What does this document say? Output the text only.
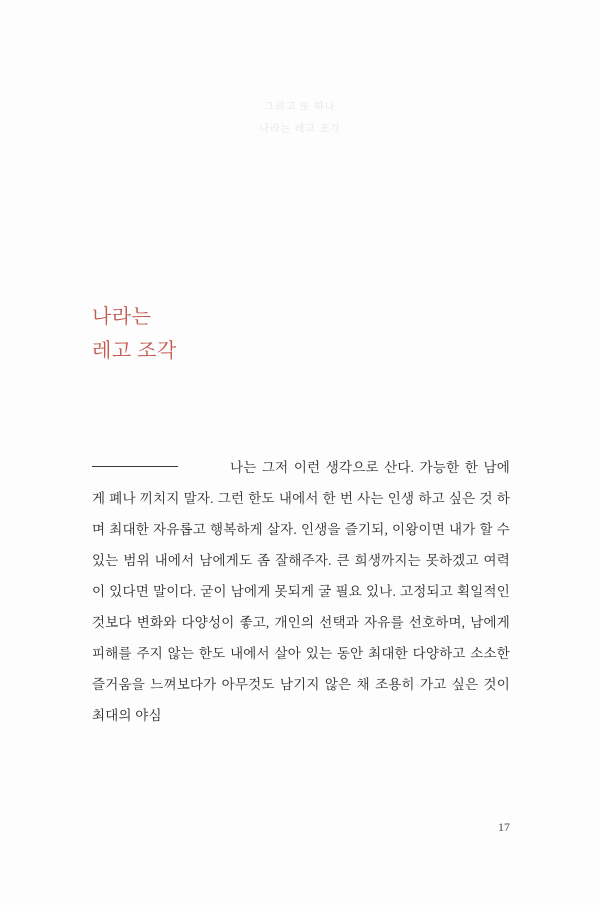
그리고 또 하나
나라는 레고 조각
나라는
레고 조각
나는 그저 이런 생각으로 산다. 가능한 한 남에게 폐나 끼치지 말자. 그런 한도 내에서 한 번 사는 인생 하고 싶은 것 하며 최대한 자유롭고 행복하게 살자. 인생을 즐기되, 이왕이면 내가 할 수 있는 범위 내에서 남에게도 좀 잘해주자. 큰 희생까지는 못하겠고 여력이 있다면 말이다. 굳이 남에게 못되게 굴 필요 있나. 고정되고 획일적인 것보다 변화와 다양성이 좋고, 개인의 선택과 자유를 선호하며, 남에게 피해를 주지 않는 한도 내에서 살아 있는 동안 최대한 다양하고 소소한 즐거움을 느껴보다가 아무것도 남기지 않은 채 조용히 가고 싶은 것이 최대의 야심
17
